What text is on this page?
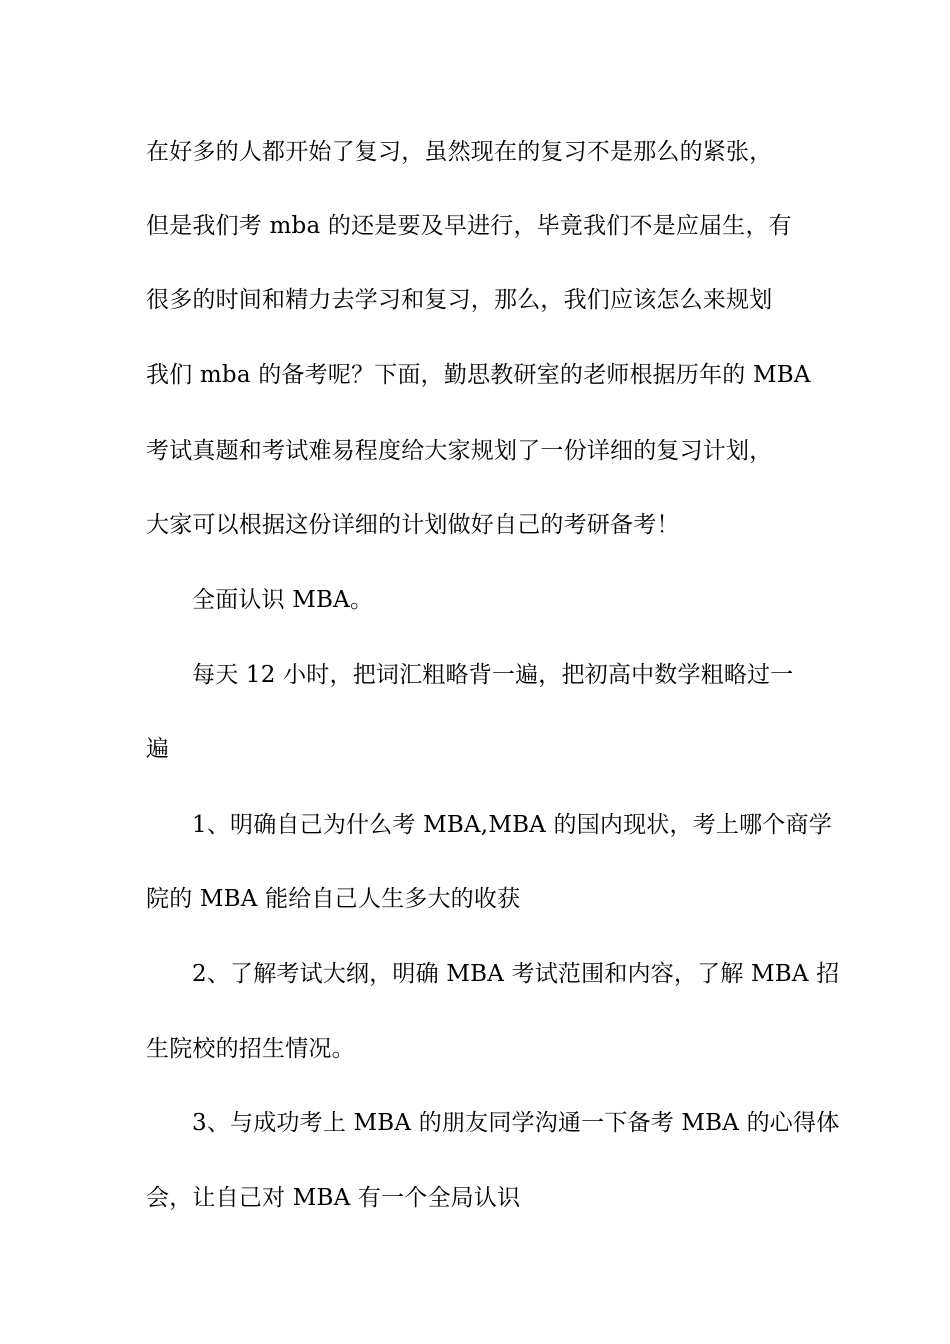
在好多的人都开始了复习，虽然现在的复习不是那么的紧张，
但是我们考 mba 的还是要及早进行，毕竟我们不是应届生，有
很多的时间和精力去学习和复习，那么，我们应该怎么来规划
我们 mba 的备考呢？下面，勤思教研室的老师根据历年的 MBA
考试真题和考试难易程度给大家规划了一份详细的复习计划，
大家可以根据这份详细的计划做好自己的考研备考！
全面认识 MBA。
每天 12 小时，把词汇粗略背一遍，把初高中数学粗略过一
遍
1、明确自己为什么考 MBA,MBA 的国内现状，考上哪个商学
院的 MBA 能给自己人生多大的收获
2、了解考试大纲，明确 MBA 考试范围和内容，了解 MBA 招
生院校的招生情况。
3、与成功考上 MBA 的朋友同学沟通一下备考 MBA 的心得体
会，让自己对 MBA 有一个全局认识
